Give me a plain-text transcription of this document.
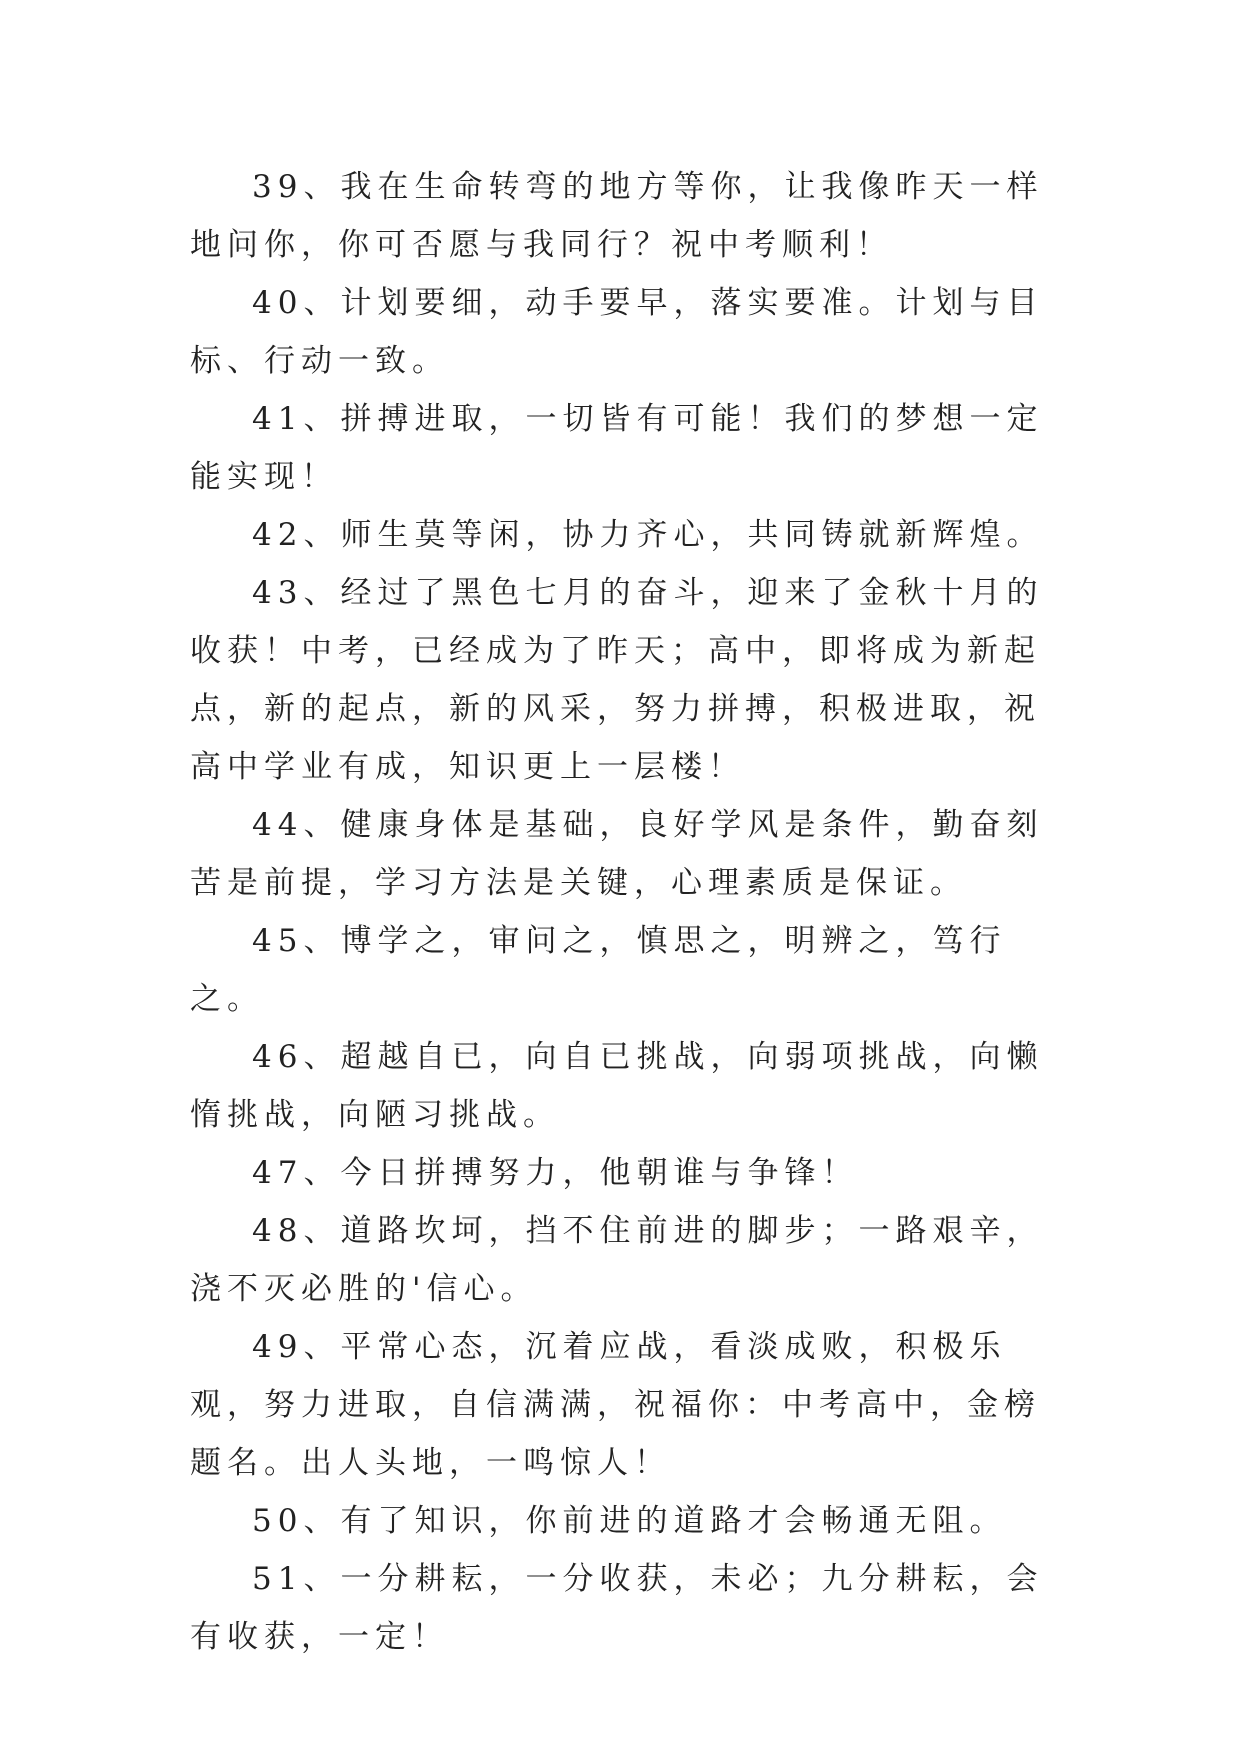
39、我在生命转弯的地方等你，让我像昨天一样地问你，你可否愿与我同行？祝中考顺利！

40、计划要细，动手要早，落实要准。计划与目标、行动一致。

41、拼搏进取，一切皆有可能！我们的梦想一定能实现！

42、师生莫等闲，协力齐心，共同铸就新辉煌。

43、经过了黑色七月的奋斗，迎来了金秋十月的收获！中考，已经成为了昨天；高中，即将成为新起点，新的起点，新的风采，努力拼搏，积极进取，祝高中学业有成，知识更上一层楼！

44、健康身体是基础，良好学风是条件，勤奋刻苦是前提，学习方法是关键，心理素质是保证。

45、博学之，审问之，慎思之，明辨之，笃行之。

46、超越自已，向自已挑战，向弱项挑战，向懒惰挑战，向陋习挑战。

47、今日拼搏努力，他朝谁与争锋！

48、道路坎坷，挡不住前进的脚步；一路艰辛，浇不灭必胜的'信心。

49、平常心态，沉着应战，看淡成败，积极乐观，努力进取，自信满满，祝福你：中考高中，金榜题名。出人头地，一鸣惊人！

50、有了知识，你前进的道路才会畅通无阻。

51、一分耕耘，一分收获，未必；九分耕耘，会有收获，一定！
